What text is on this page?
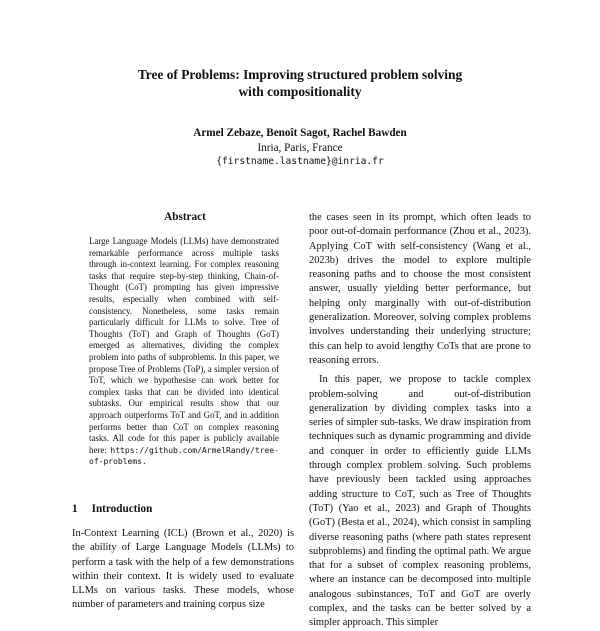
Tree of Problems: Improving structured problem solving
with compositionality
Armel Zebaze, Benoît Sagot, Rachel Bawden
Inria, Paris, France
{firstname.lastname}@inria.fr
Abstract
Large Language Models (LLMs) have demonstrated remarkable performance across multiple tasks through in-context learning. For complex reasoning tasks that require step-by-step thinking, Chain-of-Thought (CoT) prompting has given impressive results, especially when combined with self-consistency. Nonetheless, some tasks remain particularly difficult for LLMs to solve. Tree of Thoughts (ToT) and Graph of Thoughts (GoT) emerged as alternatives, dividing the complex problem into paths of subproblems. In this paper, we propose Tree of Problems (ToP), a simpler version of ToT, which we hypothesise can work better for complex tasks that can be divided into identical subtasks. Our empirical results show that our approach outperforms ToT and GoT, and in addition performs better than CoT on complex reasoning tasks. All code for this paper is publicly available here: https://github.com/ArmelRandy/tree-of-problems.
1 Introduction
In-Context Learning (ICL) (Brown et al., 2020) is the ability of Large Language Models (LLMs) to perform a task with the help of a few demonstrations within their context. It is widely used to evaluate LLMs on various tasks. These models, whose number of parameters and training corpus size

the cases seen in its prompt, which often leads to poor out-of-domain performance (Zhou et al., 2023). Applying CoT with self-consistency (Wang et al., 2023b) drives the model to explore multiple reasoning paths and to choose the most consistent answer, usually yielding better performance, but helping only marginally with out-of-distribution generalization. Moreover, solving complex problems involves understanding their underlying structure; this can help to avoid lengthy CoTs that are prone to reasoning errors.

In this paper, we propose to tackle complex problem-solving and out-of-distribution generalization by dividing complex tasks into a series of simpler sub-tasks. We draw inspiration from techniques such as dynamic programming and divide and conquer in order to efficiently guide LLMs through complex problem solving. Such problems have previously been tackled using approaches adding structure to CoT, such as Tree of Thoughts (ToT) (Yao et al., 2023) and Graph of Thoughts (GoT) (Besta et al., 2024), which consist in sampling diverse reasoning paths (where path states represent subproblems) and finding the optimal path. We argue that for a subset of complex reasoning problems, where an instance can be decomposed into multiple analogous subinstances, ToT and GoT are overly complex, and the tasks can be better solved by a simpler approach. This simpler
